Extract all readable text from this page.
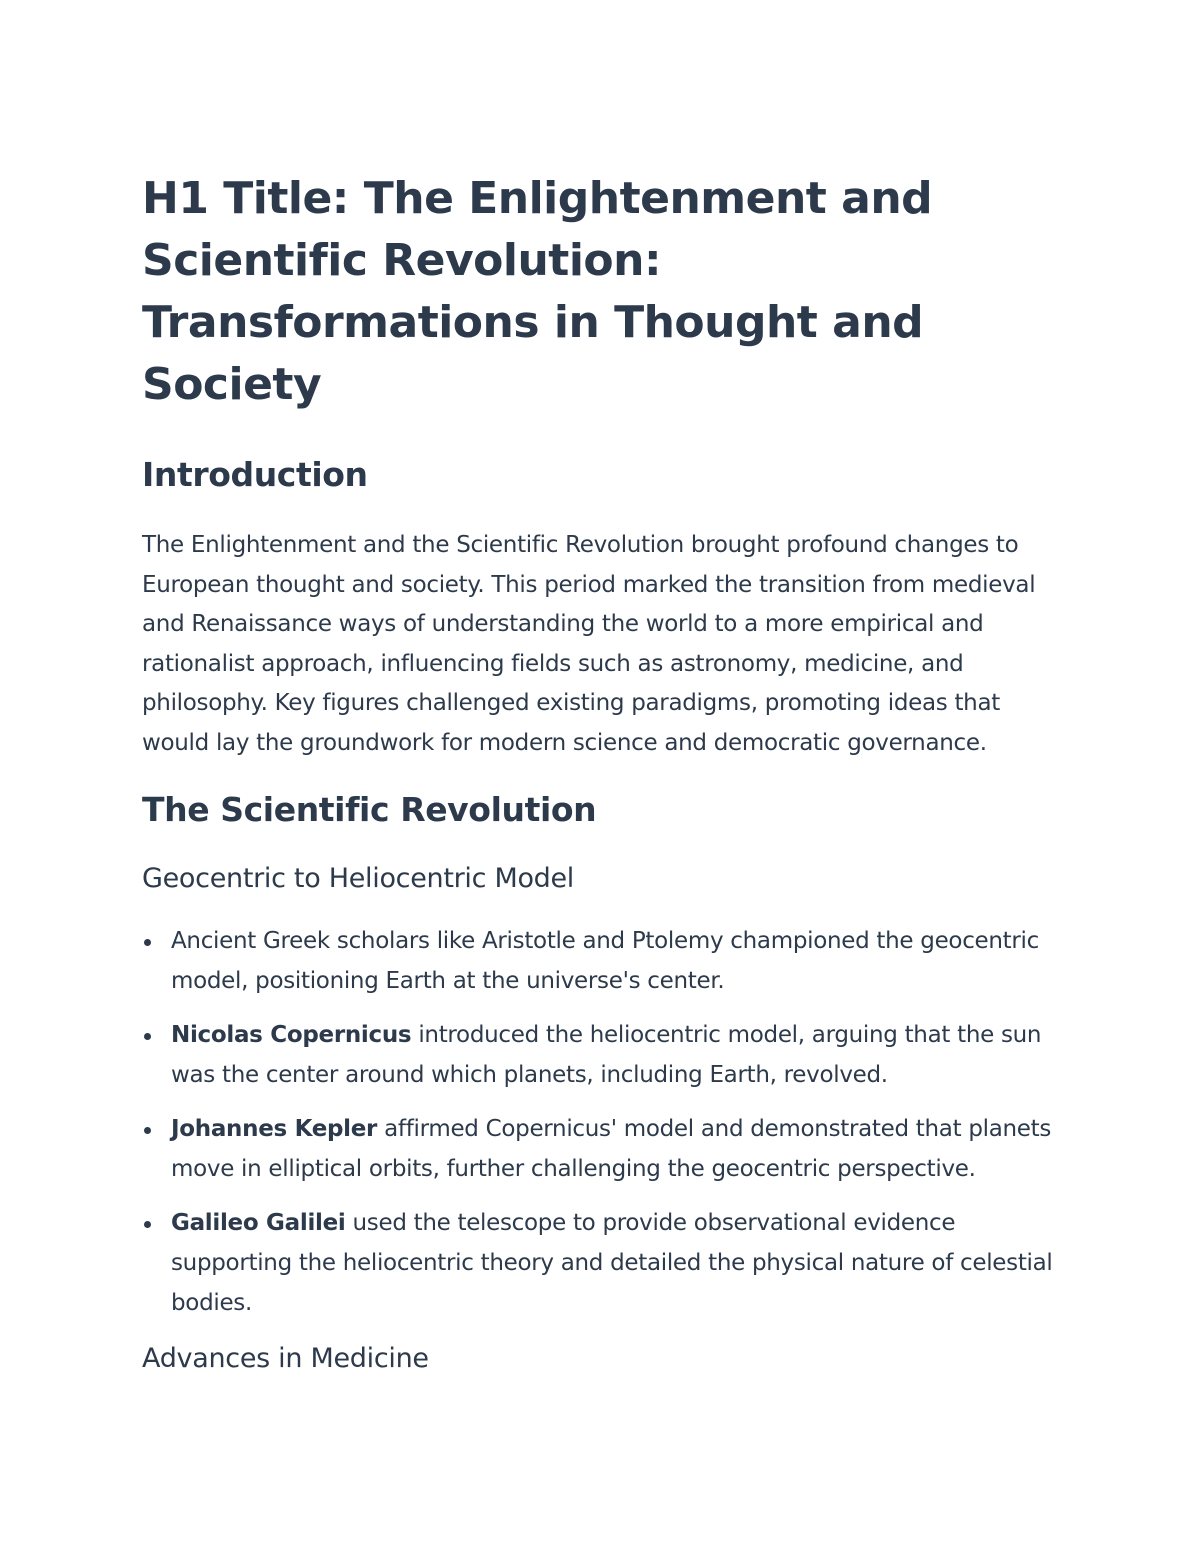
H1 Title: The Enlightenment and Scientific Revolution: Transformations in Thought and Society
Introduction

The Enlightenment and the Scientific Revolution brought profound changes to European thought and society. This period marked the transition from medieval and Renaissance ways of understanding the world to a more empirical and rationalist approach, influencing fields such as astronomy, medicine, and philosophy. Key figures challenged existing paradigms, promoting ideas that would lay the groundwork for modern science and democratic governance.

The Scientific Revolution
Geocentric to Heliocentric Model
Ancient Greek scholars like Aristotle and Ptolemy championed the geocentric model, positioning Earth at the universe's center.
Nicolas Copernicus introduced the heliocentric model, arguing that the sun was the center around which planets, including Earth, revolved.
Johannes Kepler affirmed Copernicus' model and demonstrated that planets move in elliptical orbits, further challenging the geocentric perspective.
Galileo Galilei used the telescope to provide observational evidence supporting the heliocentric theory and detailed the physical nature of celestial bodies.
Advances in Medicine
